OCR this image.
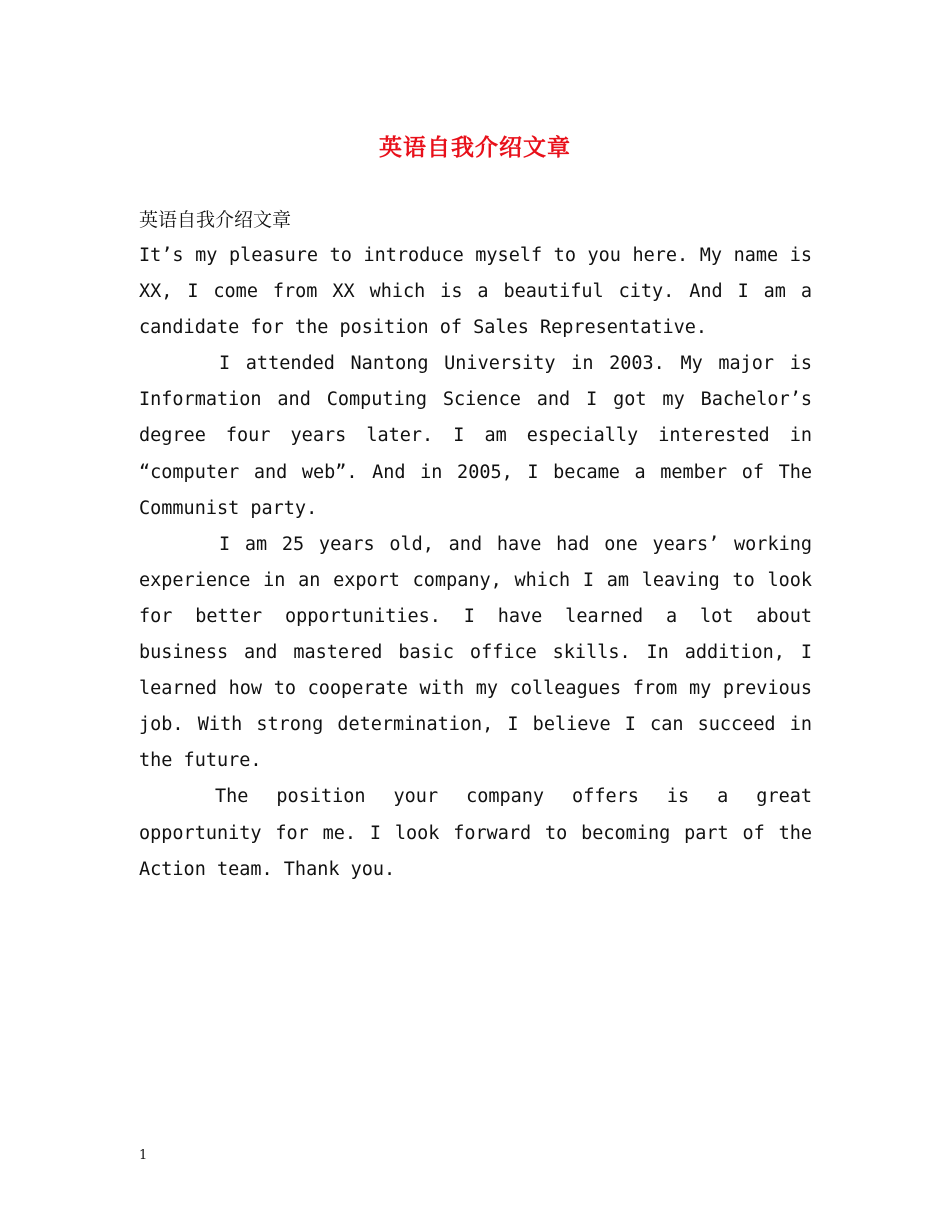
英语自我介绍文章
英语自我介绍文章

It’s my pleasure to introduce myself to you here. My name is XX, I come from XX which is a beautiful city. And I am a candidate for the position of Sales Representative.

I attended Nantong University in 2003. My major is Information and Computing Science and I got my Bachelor’s degree four years later. I am especially interested in “computer and web”. And in 2005, I became a member of The Communist party.

I am 25 years old, and have had one years’ working experience in an export company, which I am leaving to look for better opportunities. I have learned a lot about business and mastered basic office skills. In addition, I learned how to cooperate with my colleagues from my previous job. With strong determination, I believe I can succeed in the future.

The position your company offers is a great opportunity for me. I look forward to becoming part of the Action team. Thank you.

1
